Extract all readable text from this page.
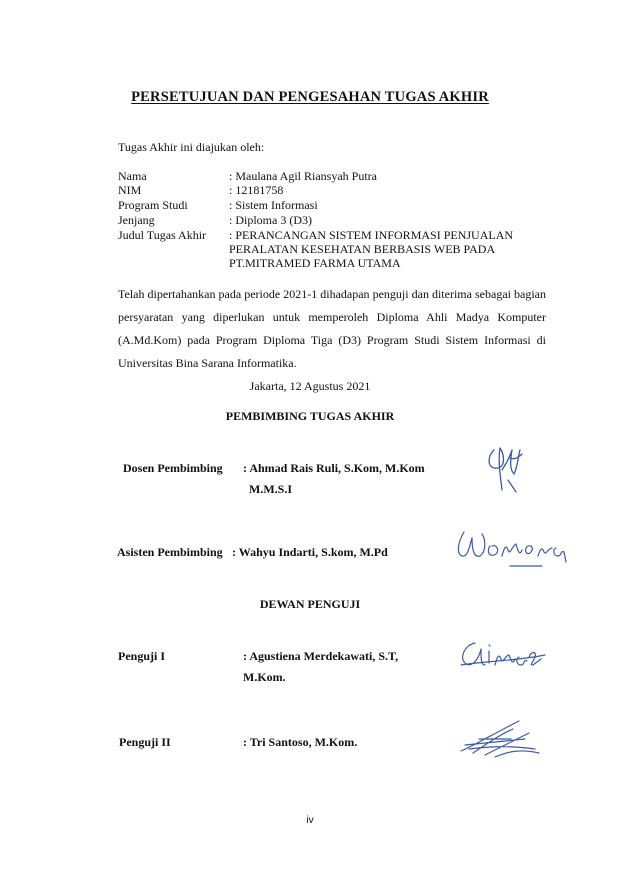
PERSETUJUAN DAN PENGESAHAN TUGAS AKHIR
Tugas Akhir ini diajukan oleh:
Nama	: Maulana Agil Riansyah Putra
NIM	: 12181758
Program Studi	: Sistem Informasi
Jenjang	: Diploma 3 (D3)
Judul Tugas Akhir : PERANCANGAN SISTEM INFORMASI PENJUALAN
PERALATAN KESEHATAN BERBASIS WEB PADA
PT.MITRAMED FARMA UTAMA

Telah dipertahankan pada periode 2021-1 dihadapan penguji dan diterima sebagai bagian persyaratan yang diperlukan untuk memperoleh Diploma Ahli Madya Komputer (A.Md.Kom) pada Program Diploma Tiga (D3) Program Studi Sistem Informasi di Universitas Bina Sarana Informatika.

Jakarta, 12 Agustus 2021
PEMBIMBING TUGAS AKHIR
Dosen Pembimbing : Ahmad Rais Ruli, S.Kom, M.Kom
M.M.S.I
Asisten Pembimbing : Wahyu Indarti, S.kom, M.Pd
DEWAN PENGUJI
Penguji I	: Agustiena Merdekawati, S.T,
M.Kom.
Penguji II	: Tri Santoso, M.Kom.
iv
